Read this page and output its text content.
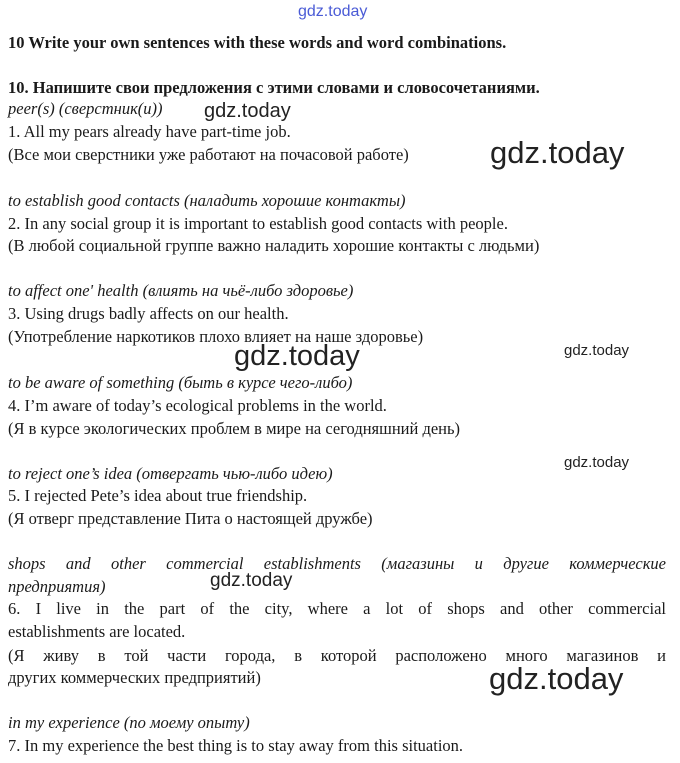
gdz.today
10 Write your own sentences with these words and word combinations.
10. Напишите свои предложения с этими словами и словосочетаниями.
peer(s) (сверстник(и))
1. All my pears already have part-time job.
(Все мои сверстники уже работают на почасовой работе)
to establish good contacts (наладить хорошие контакты)
2. In any social group it is important to establish good contacts with people.
(В любой социальной группе важно наладить хорошие контакты с людьми)
to affect one' health (влиять на чьё-либо здоровье)
3. Using drugs badly affects on our health.
(Употребление наркотиков плохо влияет на наше здоровье)
to be aware of something (быть в курсе чего-либо)
4. I’m aware of today’s ecological problems in the world.
(Я в курсе экологических проблем в мире на сегодняшний день)
to reject one’s idea (отвергать чью-либо идею)
5. I rejected Pete’s idea about true friendship.
(Я отверг представление Пита о настоящей дружбе)
shops and other commercial establishments (магазины и другие коммерческие
предприятия)
6. I live in the part of the city, where a lot of shops and other commercial
establishments are located.
(Я живу в той части города, в которой расположено много магазинов и
других коммерческих предприятий)
in my experience (по моему опыту)
7. In my experience the best thing is to stay away from this situation.
gdz.today
gdz.today
gdz.today	gdz.today
gdz.today
gdz.today
gdz.today
